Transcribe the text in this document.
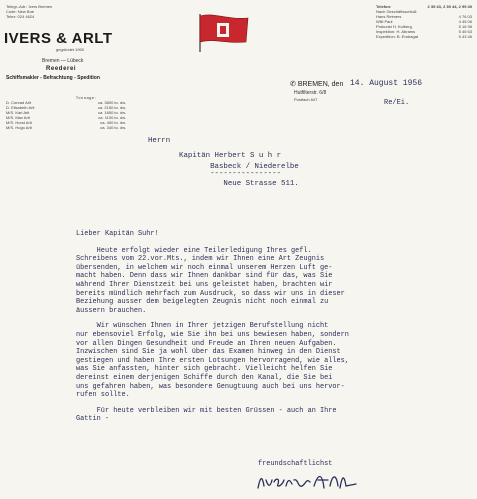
Telegr.-Adr.: Ivers Bremen
Code: New Boe
Telex: 024 4624
IVERS & ARLT
gegründet 1900
Bremen — Lübeck
Reederei
Schiffsmakler - Befrachtung - Spedition
Tonnage:
D. Conrad Arlt	ca. 3800 to. dw.
D. Elisabeth Arlt	ca. 2150 to. dw.
M/S. Karl Arlt	ca. 1650 to. dw.
M/S. Max Arlt	ca. 1100 to. dw.
M/S. Horst Arlt	ca. 400 to. dw.
M/S. Hugo Arlt	ca. 340 to. dw.
Telefon:	2 39 43, 2 39 44, 2 99 40
Nach Geschäftsschluß:
Hans Reimers	4 76 03
Willi Paul	4 45 06
Prokurist H. Kolberg	5 16 98
Inspektion: H. Abrams	5 45 63
Expedition: B. Endragat	5 43 46
✆ BREMEN, den 14. August 1956
Hutfilterstr. 6/8
Postfach 847	Re/Ei.
Herrn
Kapitän Herbert S u h r
Basbeck / Niederelbe
----------------
Neue Strasse 511.
Lieber Kapitän Suhr!
Heute erfolgt wieder eine Teilerledigung Ihres gefl.
Schreibens vom 22.vor.Mts., indem wir Ihnen eine Art Zeugnis
übersenden, in welchem wir noch einmal unserem Herzen Luft ge-
macht haben. Denn dass wir Ihnen dankbar sind für das, was Sie
während Ihrer Dienstzeit bei uns geleistet haben, brachten wir
bereits mündlich mehrfach zum Ausdruck, so dass wir uns in dieser
Beziehung ausser dem beigelegten Zeugnis nicht noch einmal zu
äussern brauchen.
Wir wünschen Ihnen in Ihrer jetzigen Berufstellung nicht
nur ebensoviel Erfolg, wie Sie ihn bei uns bewiesen haben, sondern
vor allen Dingen Gesundheit und Freude an Ihren neuen Aufgaben.
Inzwischen sind Sie ja wohl über das Examen hinweg in den Dienst
gestiegen und haben Ihre ersten Lotsungen hervorragend, wie alles,
was Sie anfassten, hinter sich gebracht. Vielleicht helfen Sie
dereinst einem derjenigen Schiffe durch den Kanal, die Sie bei
uns gefahren haben, was besondere Genugtuung auch bei uns hervor-
rufen sollte.
Für heute verbleiben wir mit besten Grüssen - auch an Ihre
Gattin -
freundschaftlichst
